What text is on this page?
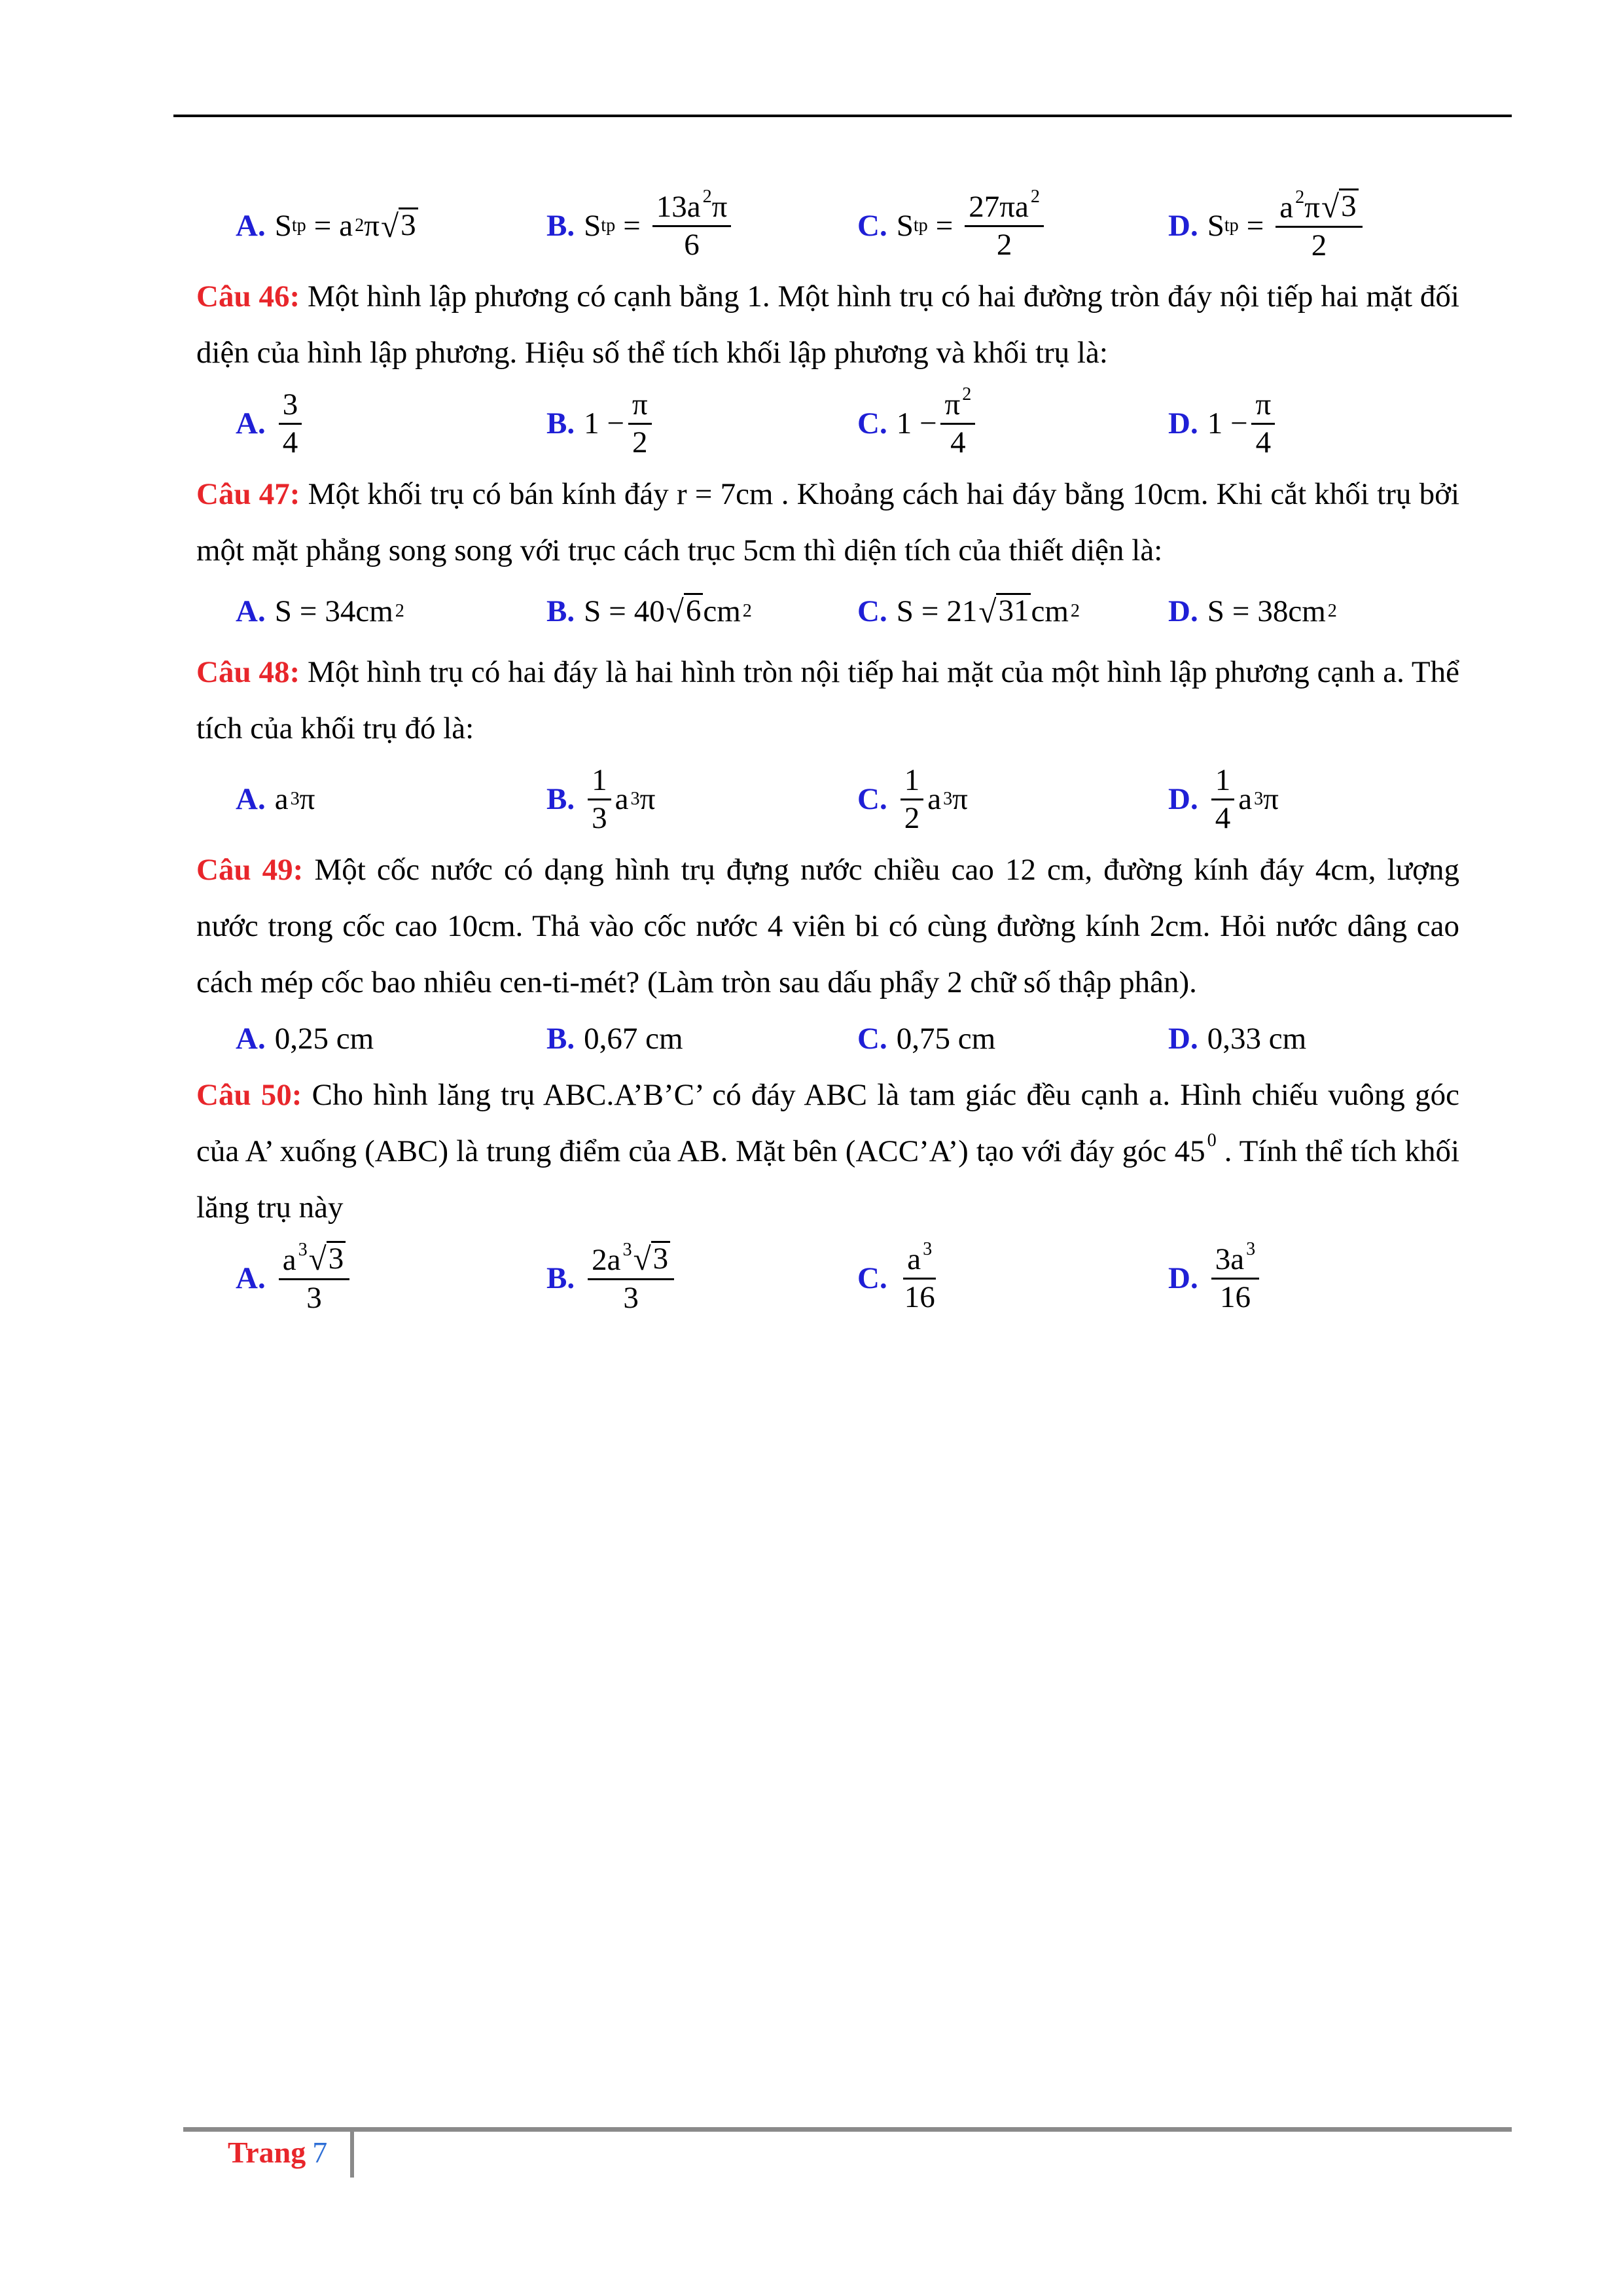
A. S tp = a 2 π √ 3	B. S tp = $\frac{13a ^2\pi}{6}$	C. S tp = $\frac{27\pi a ^2}{2}$	D. S tp = $\frac{a ^2\pi √ 3}{2}$
Câu 46: Một hình lập phương có cạnh bằng 1. Một hình trụ có hai đường tròn đáy nội tiếp hai mặt đối diện của hình lập phương. Hiệu số thể tích khối lập phương và khối trụ là:
A. $\frac{3}{4}$	B. $1 - \frac{\pi}{2}$	C. $1 - \frac{\pi ^2}{4}$	D. $1 - \frac{\pi}{4}$
Câu 47: Một khối trụ có bán kính đáy r = 7cm . Khoảng cách hai đáy bằng 10cm. Khi cắt khối trụ bởi một mặt phẳng song song với trục cách trục 5cm thì diện tích của thiết diện là:
A. S = 34cm 2	B. S = 40 √ 6 cm 2	C. S = 21 √ 31 cm 2	D. S = 38cm 2
Câu 48: Một hình trụ có hai đáy là hai hình tròn nội tiếp hai mặt của một hình lập phương cạnh a. Thể tích của khối trụ đó là:
A. a 3 π	B. $\frac{1}{3}$ a 3 π	C. $\frac{1}{2}$ a 3 π	D. $\frac{1}{4}$ a 3 π
Câu 49: Một cốc nước có dạng hình trụ đựng nước chiều cao 12 cm, đường kính đáy 4cm, lượng nước trong cốc cao 10cm. Thả vào cốc nước 4 viên bi có cùng đường kính 2cm. Hỏi nước dâng cao cách mép cốc bao nhiêu cen-ti-mét? (Làm tròn sau dấu phẩy 2 chữ số thập phân).
A. 0,25 cm	B. 0,67 cm	C. 0,75 cm	D. 0,33 cm
Câu 50: Cho hình lăng trụ ABC.A’B’C’ có đáy ABC là tam giác đều cạnh a. Hình chiếu vuông góc của A’ xuống (ABC) là trung điểm của AB. Mặt bên (ACC’A’) tạo với đáy góc 45 $^0$ . Tính thể tích khối lăng trụ này
A. $\frac{a ^3 √ 3}{3}$	B. $\frac{2a ^3 √ 3}{3}$	C. $\frac{a ^3}{16}$	D. $\frac{3a ^3}{16}$
Trang 7
